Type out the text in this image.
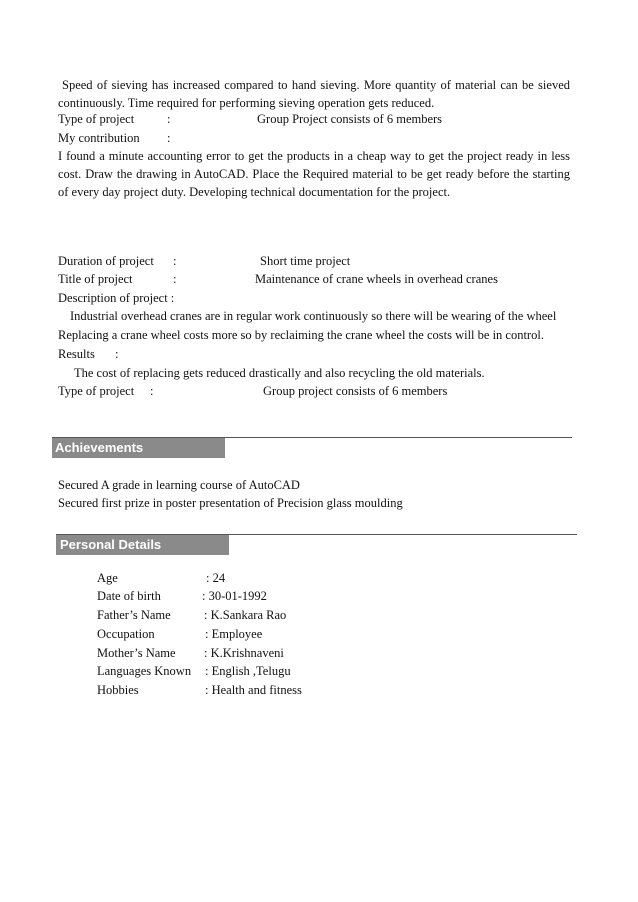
Speed of sieving has increased compared to hand sieving. More quantity of material can be sieved continuously. Time required for performing sieving operation gets reduced.
Type of project	:	Group Project consists of 6 members
My contribution :
I found a minute accounting error to get the products in a cheap way to get the project ready in less cost. Draw the drawing in AutoCAD. Place the Required material to be get ready before the starting of every day project duty. Developing technical documentation for the project.
Duration of project :	Short time project
Title of project	:	Maintenance of crane wheels in overhead cranes
Description of project :
Industrial overhead cranes are in regular work continuously so there will be wearing of the wheel
Replacing a crane wheel costs more so by reclaiming the crane wheel the costs will be in control.
Results :
The cost of replacing gets reduced drastically and also recycling the old materials.
Type of project :	Group project consists of 6 members
Achievements
Secured A grade in learning course of AutoCAD
Secured first prize in poster presentation of Precision glass moulding
Personal Details
Age	: 24
Date of birth	: 30-01-1992
Father’s Name	: K.Sankara Rao
Occupation	: Employee
Mother’s Name : K.Krishnaveni
Languages Known : English ,Telugu
Hobbies	: Health and fitness
